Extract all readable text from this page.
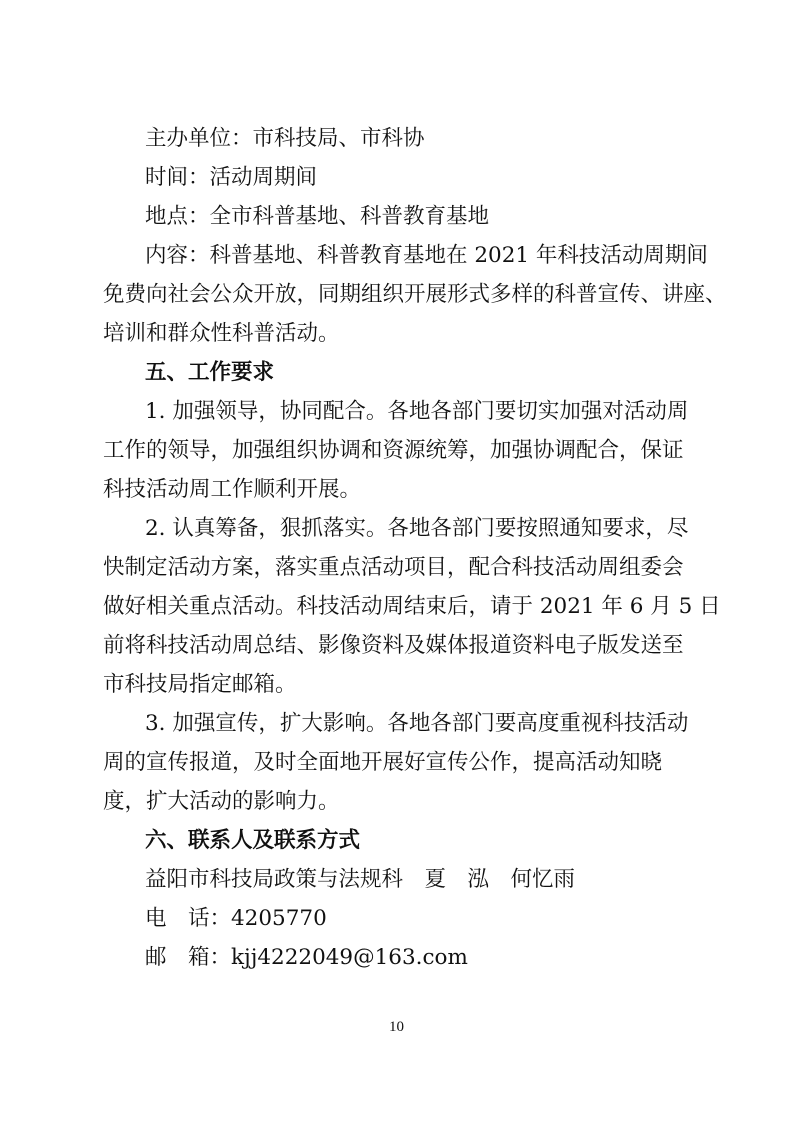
主办单位：市科技局、市科协

时间：活动周期间

地点：全市科普基地、科普教育基地

内容：科普基地、科普教育基地在 2021 年科技活动周期间

免费向社会公众开放，同期组织开展形式多样的科普宣传、讲座、

培训和群众性科普活动。

五、工作要求

1. 加强领导，协同配合。各地各部门要切实加强对活动周

工作的领导，加强组织协调和资源统筹，加强协调配合，保证

科技活动周工作顺利开展。

2. 认真筹备，狠抓落实。各地各部门要按照通知要求，尽

快制定活动方案，落实重点活动项目，配合科技活动周组委会

做好相关重点活动。科技活动周结束后，请于 2021 年 6 月 5 日

前将科技活动周总结、影像资料及媒体报道资料电子版发送至

市科技局指定邮箱。

3. 加强宣传，扩大影响。各地各部门要高度重视科技活动

周的宣传报道，及时全面地开展好宣传公作，提高活动知晓

度，扩大活动的影响力。

六、联系人及联系方式

益阳市科技局政策与法规科　夏　泓　何忆雨

电　话：4205770

邮　箱：kjj4222049@163.com

10
